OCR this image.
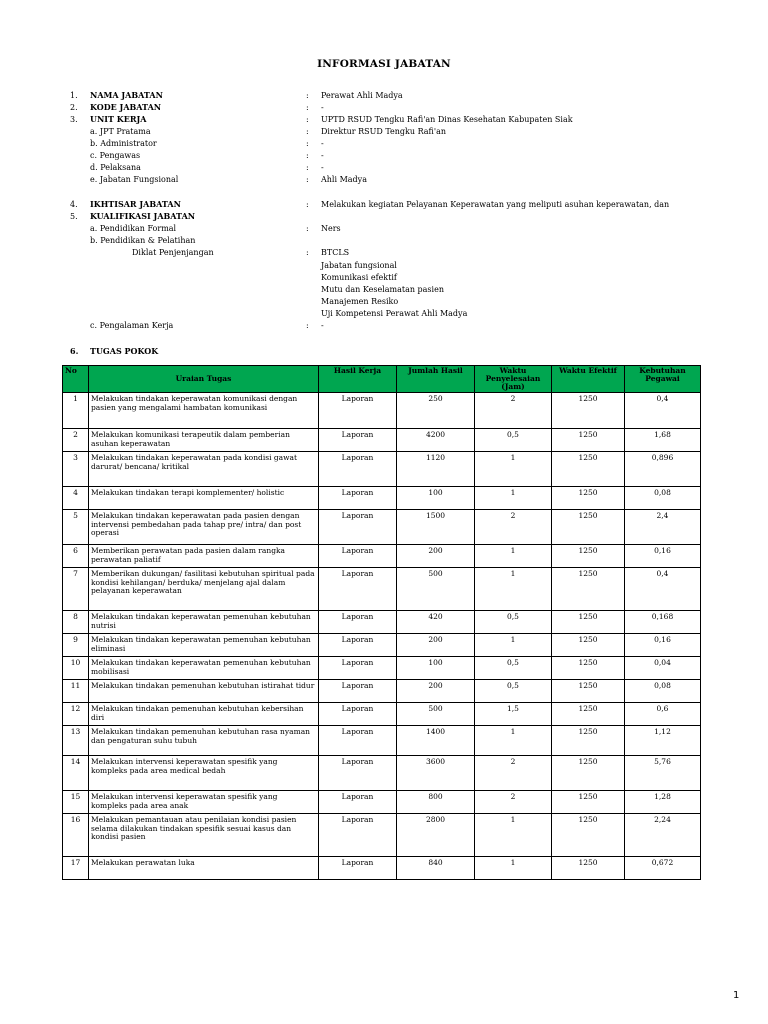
INFORMASI JABATAN
1. NAMA JABATAN	: Perawat Ahli Madya
2. KODE JABATAN	: -
3. UNIT KERJA	: UPTD RSUD Tengku Rafi'an Dinas Kesehatan Kabupaten Siak
a. JPT Pratama	: Direktur RSUD Tengku Rafi'an
b. Administrator	: -
c. Pengawas	: -
d. Pelaksana	: -
e. Jabatan Fungsional	: Ahli Madya
4. IKHTISAR JABATAN	: Melakukan kegiatan Pelayanan Keperawatan yang meliputi asuhan keperawatan, dan
5. KUALIFIKASI JABATAN
a. Pendidikan Formal	: Ners
b. Pendidikan & Pelatihan
Diklat Penjenjangan	: BTCLS
Jabatan fungsional
Komunikasi efektif
Mutu dan Keselamatan pasien
Manajemen Resiko
Uji Kompetensi Perawat Ahli Madya
c. Pengalaman Kerja	: -
6. TUGAS POKOK
No	Uraian Tugas	Hasil Kerja	Jumlah Hasil	Waktu Penyelesaian (Jam)	Waktu Efektif	Kebutuhan Pegawai
1	Melakukan tindakan keperawatan komunikasi dengan pasien yang mengalami hambatan komunikasi	Laporan	250	2	1250	0,4
2	Melakukan komunikasi terapeutik dalam pemberian asuhan keperawatan	Laporan	4200	0,5	1250	1,68
3	Melakukan tindakan keperawatan pada kondisi gawat darurat/ bencana/ kritikal	Laporan	1120	1	1250	0,896
4	Melakukan tindakan terapi komplementer/ holistic	Laporan	100	1	1250	0,08
5	Melakukan tindakan keperawatan pada pasien dengan intervensi pembedahan pada tahap pre/ intra/ dan post operasi	Laporan	1500	2	1250	2,4
6	Memberikan perawatan pada pasien dalam rangka perawatan paliatif	Laporan	200	1	1250	0,16
7	Memberikan dukungan/ fasilitasi kebutuhan spiritual pada kondisi kehilangan/ berduka/ menjelang ajal dalam pelayanan keperawatan	Laporan	500	1	1250	0,4
8	Melakukan tindakan keperawatan pemenuhan kebutuhan nutrisi	Laporan	420	0,5	1250	0,168
9	Melakukan tindakan keperawatan pemenuhan kebutuhan eliminasi	Laporan	200	1	1250	0,16
10	Melakukan tindakan keperawatan pemenuhan kebutuhan mobilisasi	Laporan	100	0,5	1250	0,04
11	Melakukan tindakan pemenuhan kebutuhan istirahat tidur	Laporan	200	0,5	1250	0,08
12	Melakukan tindakan pemenuhan kebutuhan kebersihan diri	Laporan	500	1,5	1250	0,6
13	Melakukan tindakan pemenuhan kebutuhan rasa nyaman dan pengaturan suhu tubuh	Laporan	1400	1	1250	1,12
14	Melakukan intervensi keperawatan spesifik yang kompleks pada area medical bedah	Laporan	3600	2	1250	5,76
15	Melakukan intervensi keperawatan spesifik yang kompleks pada area anak	Laporan	800	2	1250	1,28
16	Melakukan pemantauan atau penilaian kondisi pasien selama dilakukan tindakan spesifik sesuai kasus dan kondisi pasien	Laporan	2800	1	1250	2,24
17	Melakukan perawatan luka	Laporan	840	1	1250	0,672
1
